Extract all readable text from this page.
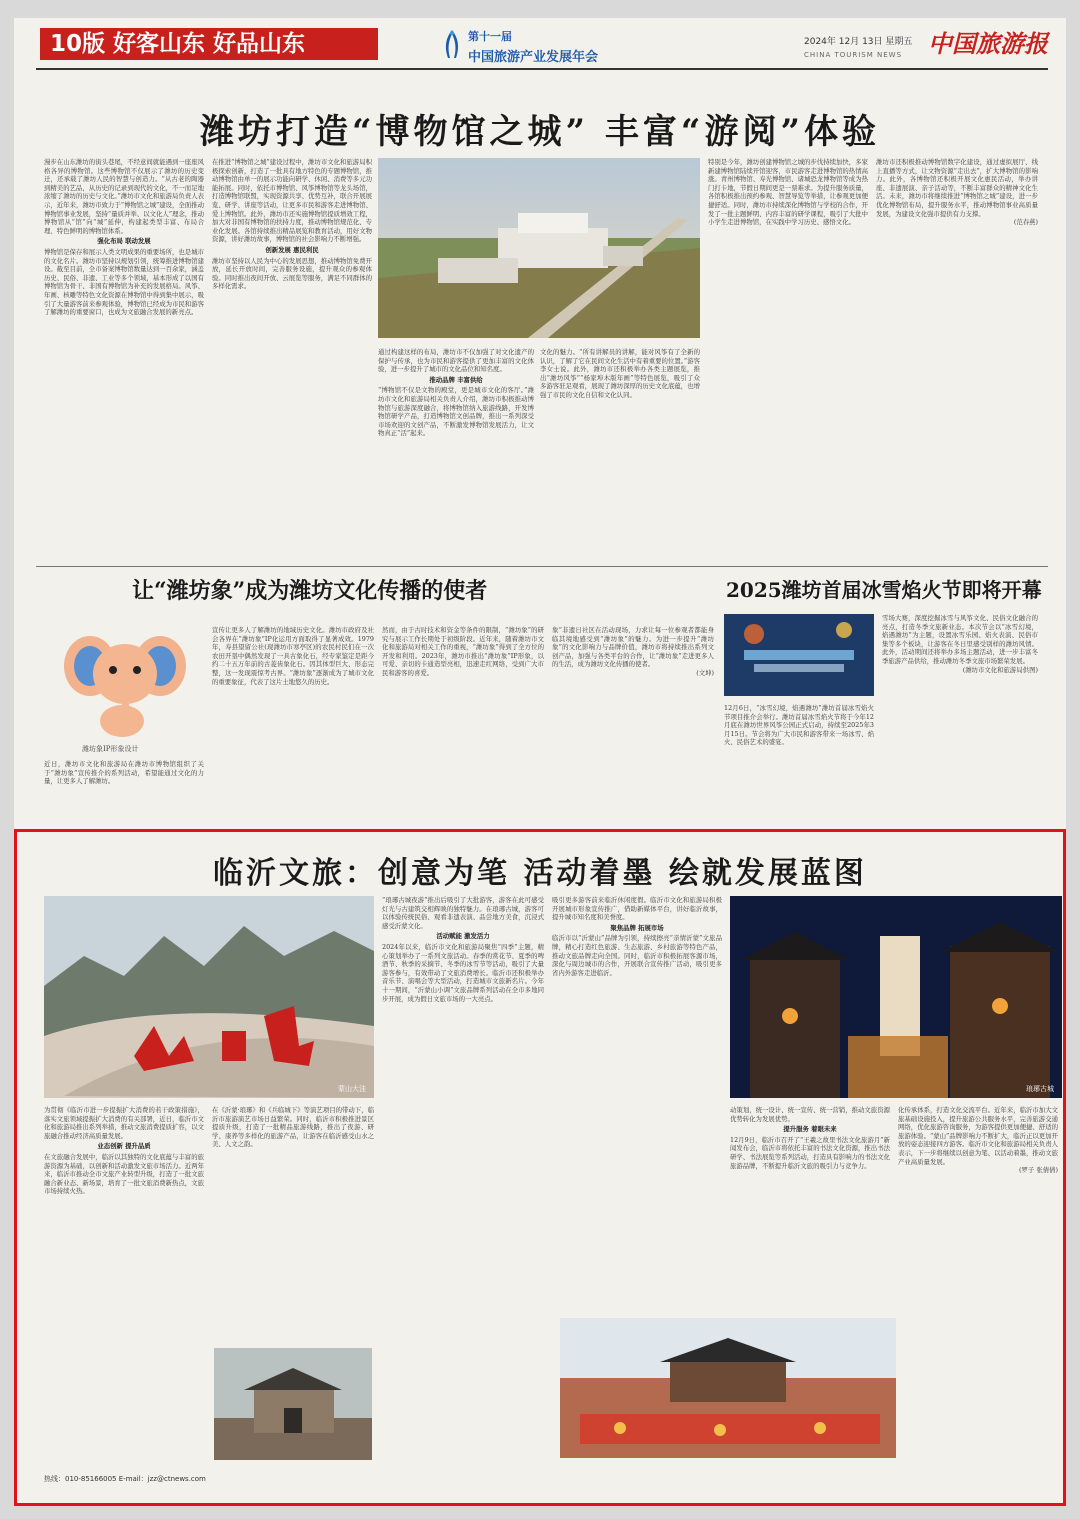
10版 好客山东 好品山东	第十一届
中国旅游产业发展年会
2024年 12月 13日 星期五
CHINA TOURISM NEWS	中国旅游报
潍坊打造“博物馆之城” 丰富“游阅”体验
漫步在山东潍坊的街头巷尾，不经意间就能遇到一座座风格各异的博物馆。这些博物馆不仅展示了潍坊的历史变迁，还承载了潍坊人民的智慧与创造力。“从古老的陶器到精美的艺品，从历史的记录到现代的文化，不一而足地浓缩了潍坊的历史与文化。”潍坊市文化和旅游局负责人表示，近年来，潍坊市致力于“博物馆之城”建设，全面推动博物馆事业发展，坚持“量质并举、以文化人”理念，推动博物馆从“馆”向“城”延伸，构建起类型丰富、布局合理、特色鲜明的博物馆体系。
强化布局 联动发展
博物馆是保存和展示人类文明成果的重要场所，也是城市的文化名片。潍坊市坚持以规划引领，统筹推进博物馆建设。截至目前，全市备案博物馆数量达到一百余家，涵盖历史、民俗、非遗、工业等多个领域，基本形成了以国有博物馆为骨干、非国有博物馆为补充的发展格局。风筝、年画、核雕等特色文化资源在博物馆中得到集中展示，吸引了大量游客前来参观体验，博物馆已经成为市民和游客了解潍坊的重要窗口，也成为文旅融合发展的新亮点。
在推进“博物馆之城”建设过程中，潍坊市文化和旅游局积极探索创新，打造了一批具有地方特色的专题博物馆，推动博物馆由单一的展示功能向研学、休闲、消费等多元功能拓展。同时，依托市博物馆、风筝博物馆等龙头场馆，打造博物馆联盟，实现资源共享、优势互补，联合开展展览、研学、讲座等活动，让更多市民和游客走进博物馆、爱上博物馆。此外，潍坊市还实施博物馆提质增效工程，加大对非国有博物馆的扶持力度，推动博物馆规范化、专业化发展。各馆持续推出精品展览和教育活动，用好文物资源，讲好潍坊故事，博物馆的社会影响力不断增强。
创新发展 惠民利民
潍坊市坚持以人民为中心的发展思想，推动博物馆免费开放，延长开放时间，完善服务设施，提升观众的参观体验。同时推出夜间开放、云展览等服务，满足不同群体的多样化需求。
通过构建这样的布局，潍坊市不仅加强了对文化遗产的保护与传承，也为市民和游客提供了更加丰富的文化体验，进一步提升了城市的文化品位和知名度。
推动品牌 丰富供给
“博物馆不仅是文物的殿堂，更是城市文化的客厅。”潍坊市文化和旅游局相关负责人介绍，潍坊市积极推动博物馆与旅游深度融合，将博物馆纳入旅游线路，开发博物馆研学产品，打造博物馆文创品牌，推出一系列深受市场欢迎的文创产品，不断激发博物馆发展活力，让文物真正“活”起来。
文化的魅力。“所有讲解员的讲解，能对风筝有了全新的认识，了解了它在民间文化生活中有着重要的位置。”游客李女士说。此外，潍坊市还积极举办各类主题展览，推出“潍坊风筝”“杨家埠木版年画”等特色展览，吸引了众多游客驻足观看，展现了潍坊深厚的历史文化底蕴，也增强了市民的文化自信和文化认同。
特别是今年，潍坊创建博物馆之城的步伐持续加快，多家新建博物馆陆续开馆迎客，市民游客走进博物馆的热情高涨。青州博物馆、寿光博物馆、诸城恐龙博物馆等成为热门打卡地，节假日期间更是一票难求。为提升服务质量，各馆积极推出预约参观、智慧导览等举措，让参观更加便捷舒适。同时，潍坊市持续深化博物馆与学校的合作，开发了一批主题鲜明、内容丰富的研学课程，吸引了大批中小学生走进博物馆，在实践中学习历史、感悟文化。
潍坊市还积极推动博物馆数字化建设，通过虚拟展厅、线上直播等方式，让文物资源“走出去”，扩大博物馆的影响力。此外，各博物馆还积极开展文化惠民活动，举办讲座、非遗展演、亲子活动等，不断丰富群众的精神文化生活。未来，潍坊市将继续推进“博物馆之城”建设，进一步优化博物馆布局，提升服务水平，推动博物馆事业高质量发展，为建设文化强市提供有力支撑。
(范春燕)
让“潍坊象”成为潍坊文化传播的使者
潍坊象IP形象设计
近日，潍坊市文化和旅游局在潍坊市博物馆组织了关于“潍坊象”宣传推介的系列活动，希望能通过文化的力量，让更多人了解潍坊。
宣传让更多人了解潍坊的地域历史文化。潍坊市政府及社会各界在“潍坊象”IP化运用方面取得了显著成效。1979年，寿县望留公社(现潍坊市寒亭区)的农民村民们在一次农田开垦中偶然发现了一具古象化石，经专家鉴定是距今约二十五万年前的古菱齿象化石。因其体型巨大、形态完整，这一发现震惊考古界。“潍坊象”逐渐成为了城市文化的重要象征，代表了这片土地悠久的历史。
然而，由于古时技术和资金等条件的限制，“潍坊象”的研究与展示工作长期处于初级阶段。近年来，随着潍坊市文化和旅游局对相关工作的重视，“潍坊象”得到了全方位的开发和利用。2023年，潍坊市推出“潍坊象”IP形象，以可爱、亲切的卡通造型亮相，迅速走红网络，受到广大市民和游客的喜爱。
象“非遗日社区在活动现场，力求让每一位参观者都能身临其境地感受到“潍坊象”的魅力。为进一步提升“潍坊象”的文化影响力与品牌价值，潍坊市将持续推出系列文创产品，加强与各类平台的合作，让“潍坊象”走进更多人的生活，成为潍坊文化传播的使者。
(文坤)
2025潍坊首届冰雪焰火节即将开幕
12月6日，“冰雪幻境，焰遇潍坊”潍坊首届冰雪焰火节项目推介会举行。潍坊首届冰雪焰火节将于今年12月底在潍坊世界风筝公园正式启动，持续至2025年3月15日。节会将为广大市民和游客带来一场冰雪、焰火、民俗艺术的盛宴。
雪场大赛，深度挖掘冰雪与风筝文化、民俗文化融合的亮点，打造冬季文旅新业态。本次节会以“冰雪幻境，焰遇潍坊”为主题，设置冰雪乐园、焰火表演、民俗市集等多个板块，让游客在冬日里感受别样的潍坊风情。此外，活动期间还将举办多场主题活动，进一步丰富冬季旅游产品供给，推动潍坊冬季文旅市场繁荣发展。
(潍坊市文化和旅游局供图)
临沂文旅：创意为笔 活动着墨 绘就发展蓝图
蒙山大洼
为贯彻《临沂市进一步提振扩大消费的若干政策措施》，落实文旅领域提振扩大消费的有关部署，近日，临沂市文化和旅游局推出系列举措，推动文旅消费提质扩容，以文旅融合推动经济高质量发展。
业态创新 提升品质
在文旅融合发展中，临沂以其独特的文化底蕴与丰富的旅游资源为基础，以创新和活动激发文旅市场活力。近两年来，临沂市推动全市文旅产业转型升级，打造了一批文旅融合新业态、新场景，培育了一批文旅消费新热点，文旅市场持续火热。
在《沂蒙·琅琊》和《兵临城下》等演艺项目的带动下，临沂市旅游演艺市场日益繁荣。同时，临沂市积极推进景区提质升级，打造了一批精品旅游线路，推出了夜游、研学、康养等多样化的旅游产品，让游客在临沂感受山水之美、人文之韵。
“琅琊古城夜游”推出后吸引了大批游客，游客在此可感受灯光与古建筑交相辉映的独特魅力。在琅琊古城，游客可以体验传统民俗、观看非遗表演、品尝地方美食，沉浸式感受沂蒙文化。
活动赋能 激发活力
2024年以来，临沂市文化和旅游局聚焦“四季”主题，精心策划举办了一系列文旅活动。春季的赏花节、夏季的啤酒节、秋季的采摘节、冬季的冰雪节等活动，吸引了大量游客参与，有效带动了文旅消费增长。临沂市还积极举办音乐节、演唱会等大型活动，打造城市文旅新名片。今年十一期间，“沂蒙山小调”文旅品牌系列活动在全市多地同步开展，成为假日文旅市场的一大亮点。
吸引更多游客前来临沂休闲度假。临沂市文化和旅游局积极开展城市形象宣传推广，借助新媒体平台，讲好临沂故事，提升城市知名度和美誉度。
聚焦品牌 拓展市场
临沂市以“沂蒙山”品牌为引领，持续擦亮“亲情沂蒙”文旅品牌，精心打造红色旅游、生态旅游、乡村旅游等特色产品，推动文旅品牌走向全国。同时，临沂市积极拓展客源市场，深化与周边城市的合作，开展联合宣传推广活动，吸引更多省内外游客走进临沂。
琅琊古城
动策划，统一设计、统一宣传、统一营销，推动文旅资源优势转化为发展优势。
提升服务 着眼未来
12月9日，临沂市召开了“王羲之故里书法文化旅游月”新闻发布会，临沂市将依托丰富的书法文化资源，推出书法研学、书法展览等系列活动，打造具有影响力的书法文化旅游品牌，不断提升临沂文旅的吸引力与竞争力。
化传承体系，打造文化交流平台。近年来，临沂市加大文旅基础设施投入，提升旅游公共服务水平，完善旅游交通网络，优化旅游咨询服务，为游客提供更加便捷、舒适的旅游体验。“蒙山”品牌影响力不断扩大，临沂正以更加开放的姿态迎接四方游客。临沂市文化和旅游局相关负责人表示，下一步将继续以创意为笔、以活动着墨，推动文旅产业高质量发展。
(罗子 张倩倩)
热线：010-85166005 E-mail：jzz@ctnews.com
